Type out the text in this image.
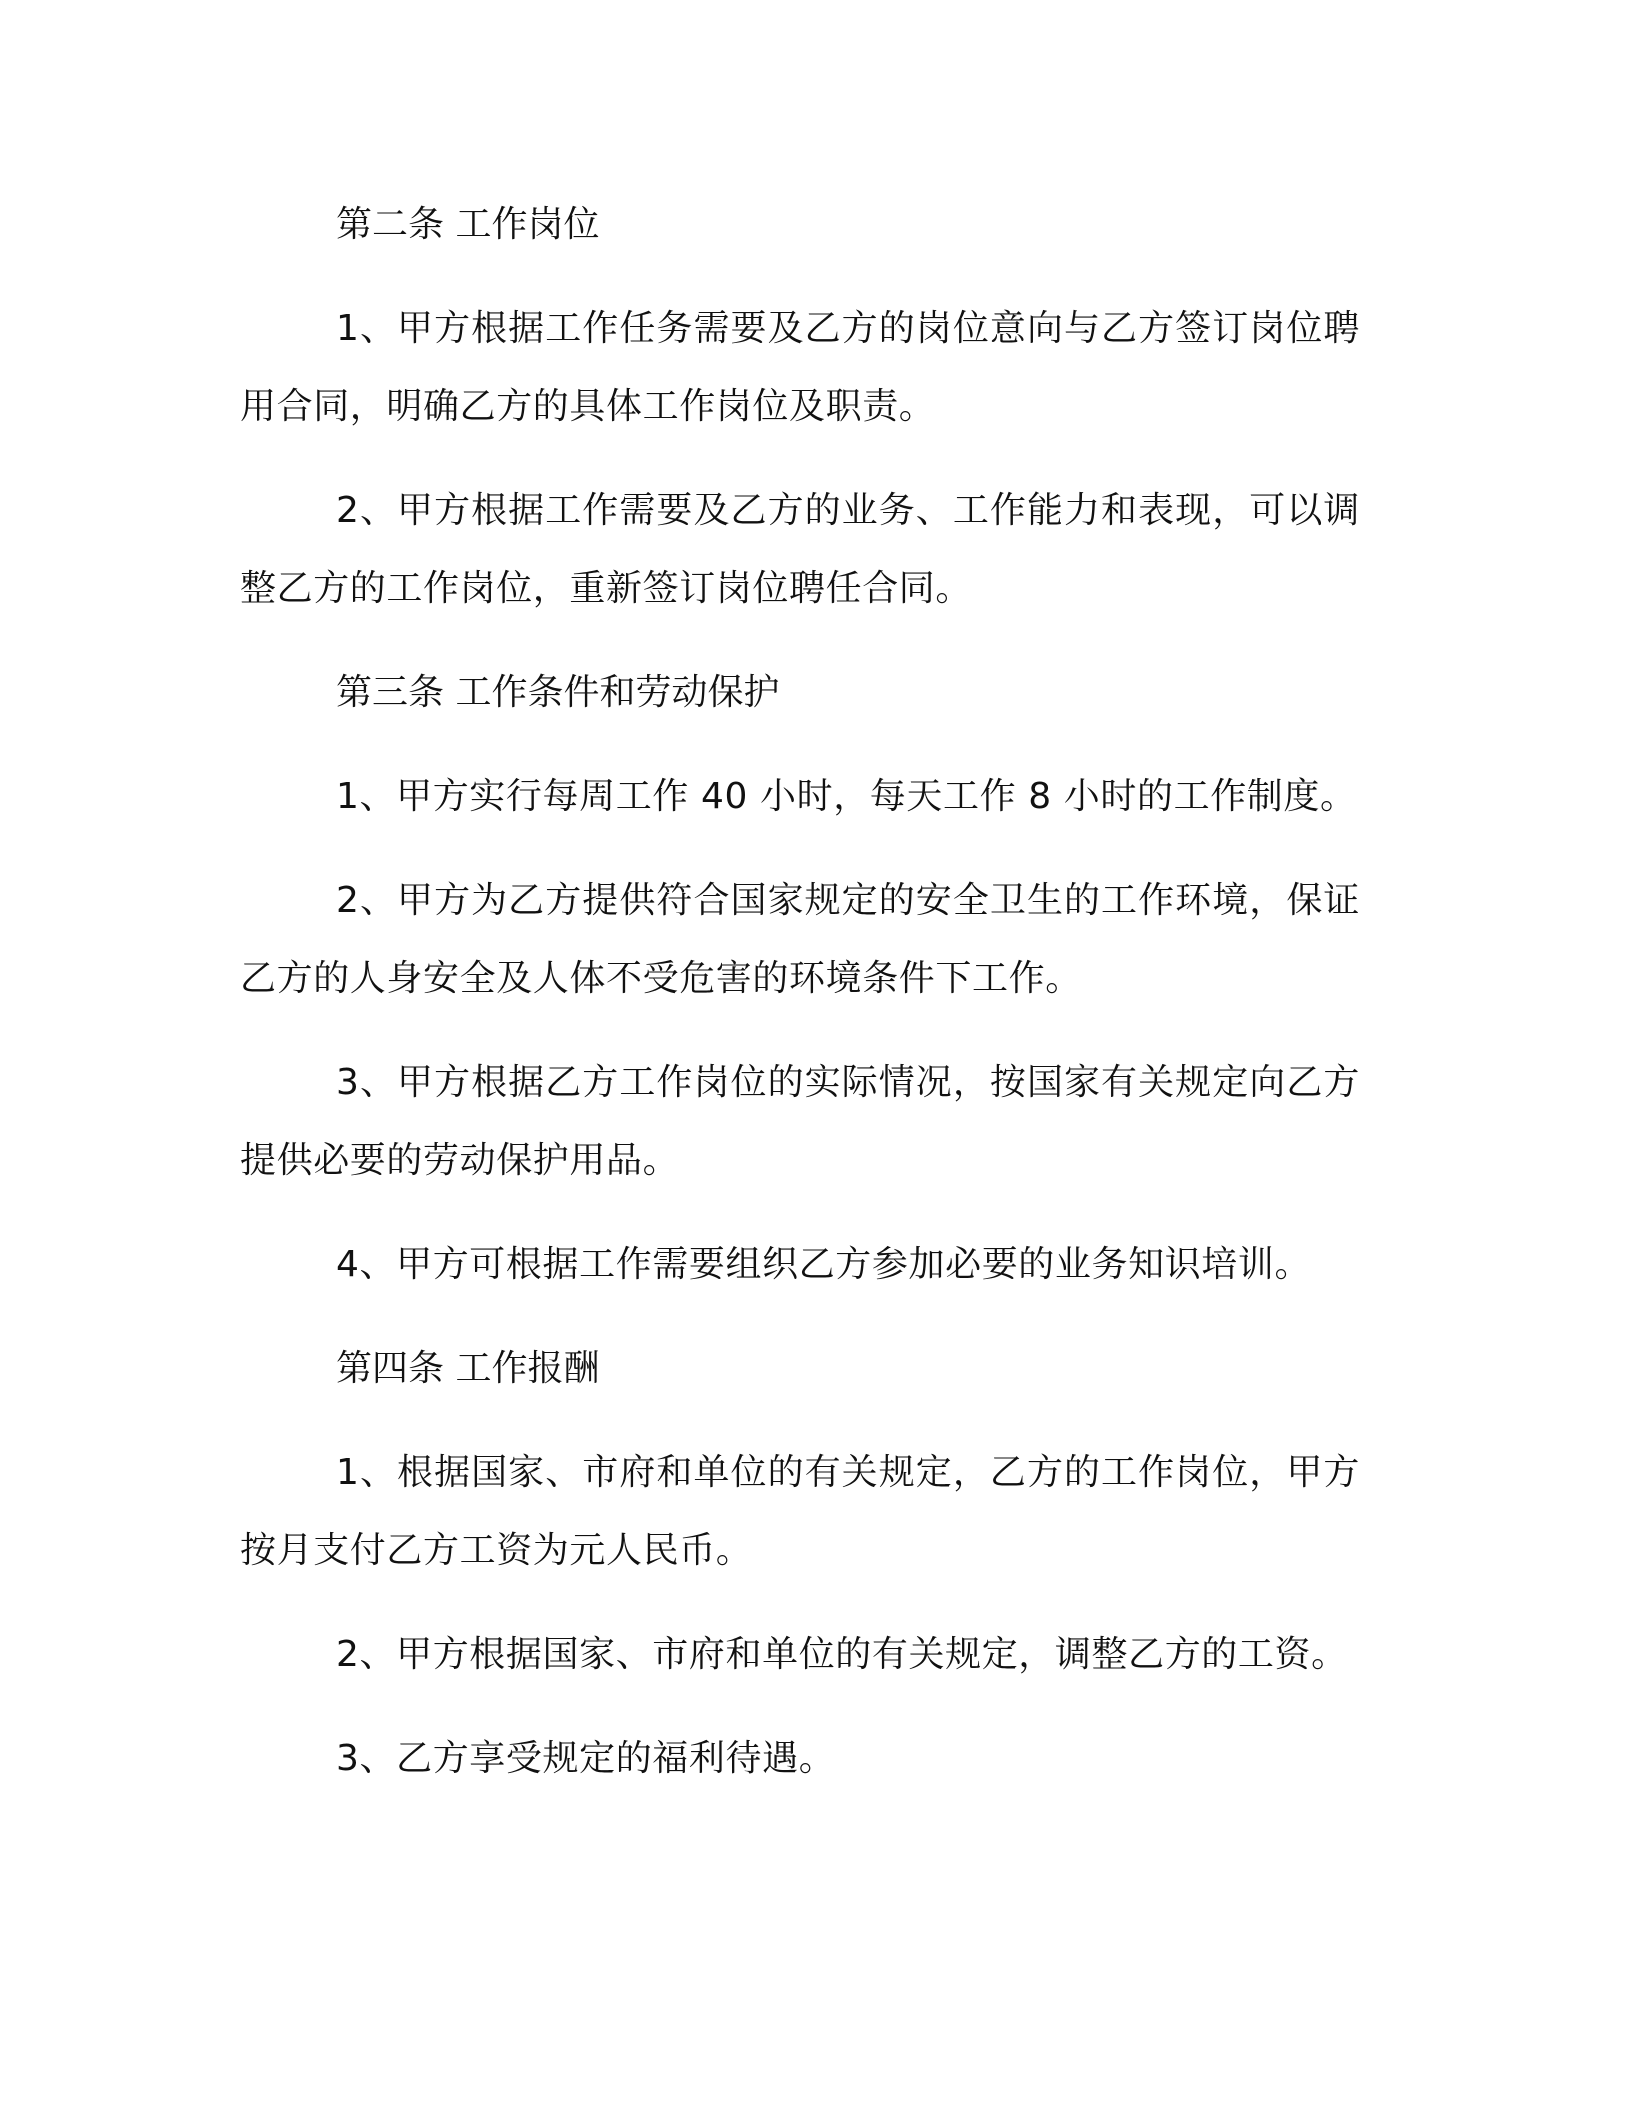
第二条 工作岗位

1、甲方根据工作任务需要及乙方的岗位意向与乙方签订岗位聘用合同，明确乙方的具体工作岗位及职责。

2、甲方根据工作需要及乙方的业务、工作能力和表现，可以调整乙方的工作岗位，重新签订岗位聘任合同。

第三条 工作条件和劳动保护

1、甲方实行每周工作 40 小时，每天工作 8 小时的工作制度。

2、甲方为乙方提供符合国家规定的安全卫生的工作环境，保证乙方的人身安全及人体不受危害的环境条件下工作。

3、甲方根据乙方工作岗位的实际情况，按国家有关规定向乙方提供必要的劳动保护用品。

4、甲方可根据工作需要组织乙方参加必要的业务知识培训。

第四条 工作报酬

1、根据国家、市府和单位的有关规定，乙方的工作岗位，甲方按月支付乙方工资为元人民币。

2、甲方根据国家、市府和单位的有关规定，调整乙方的工资。

3、乙方享受规定的福利待遇。
